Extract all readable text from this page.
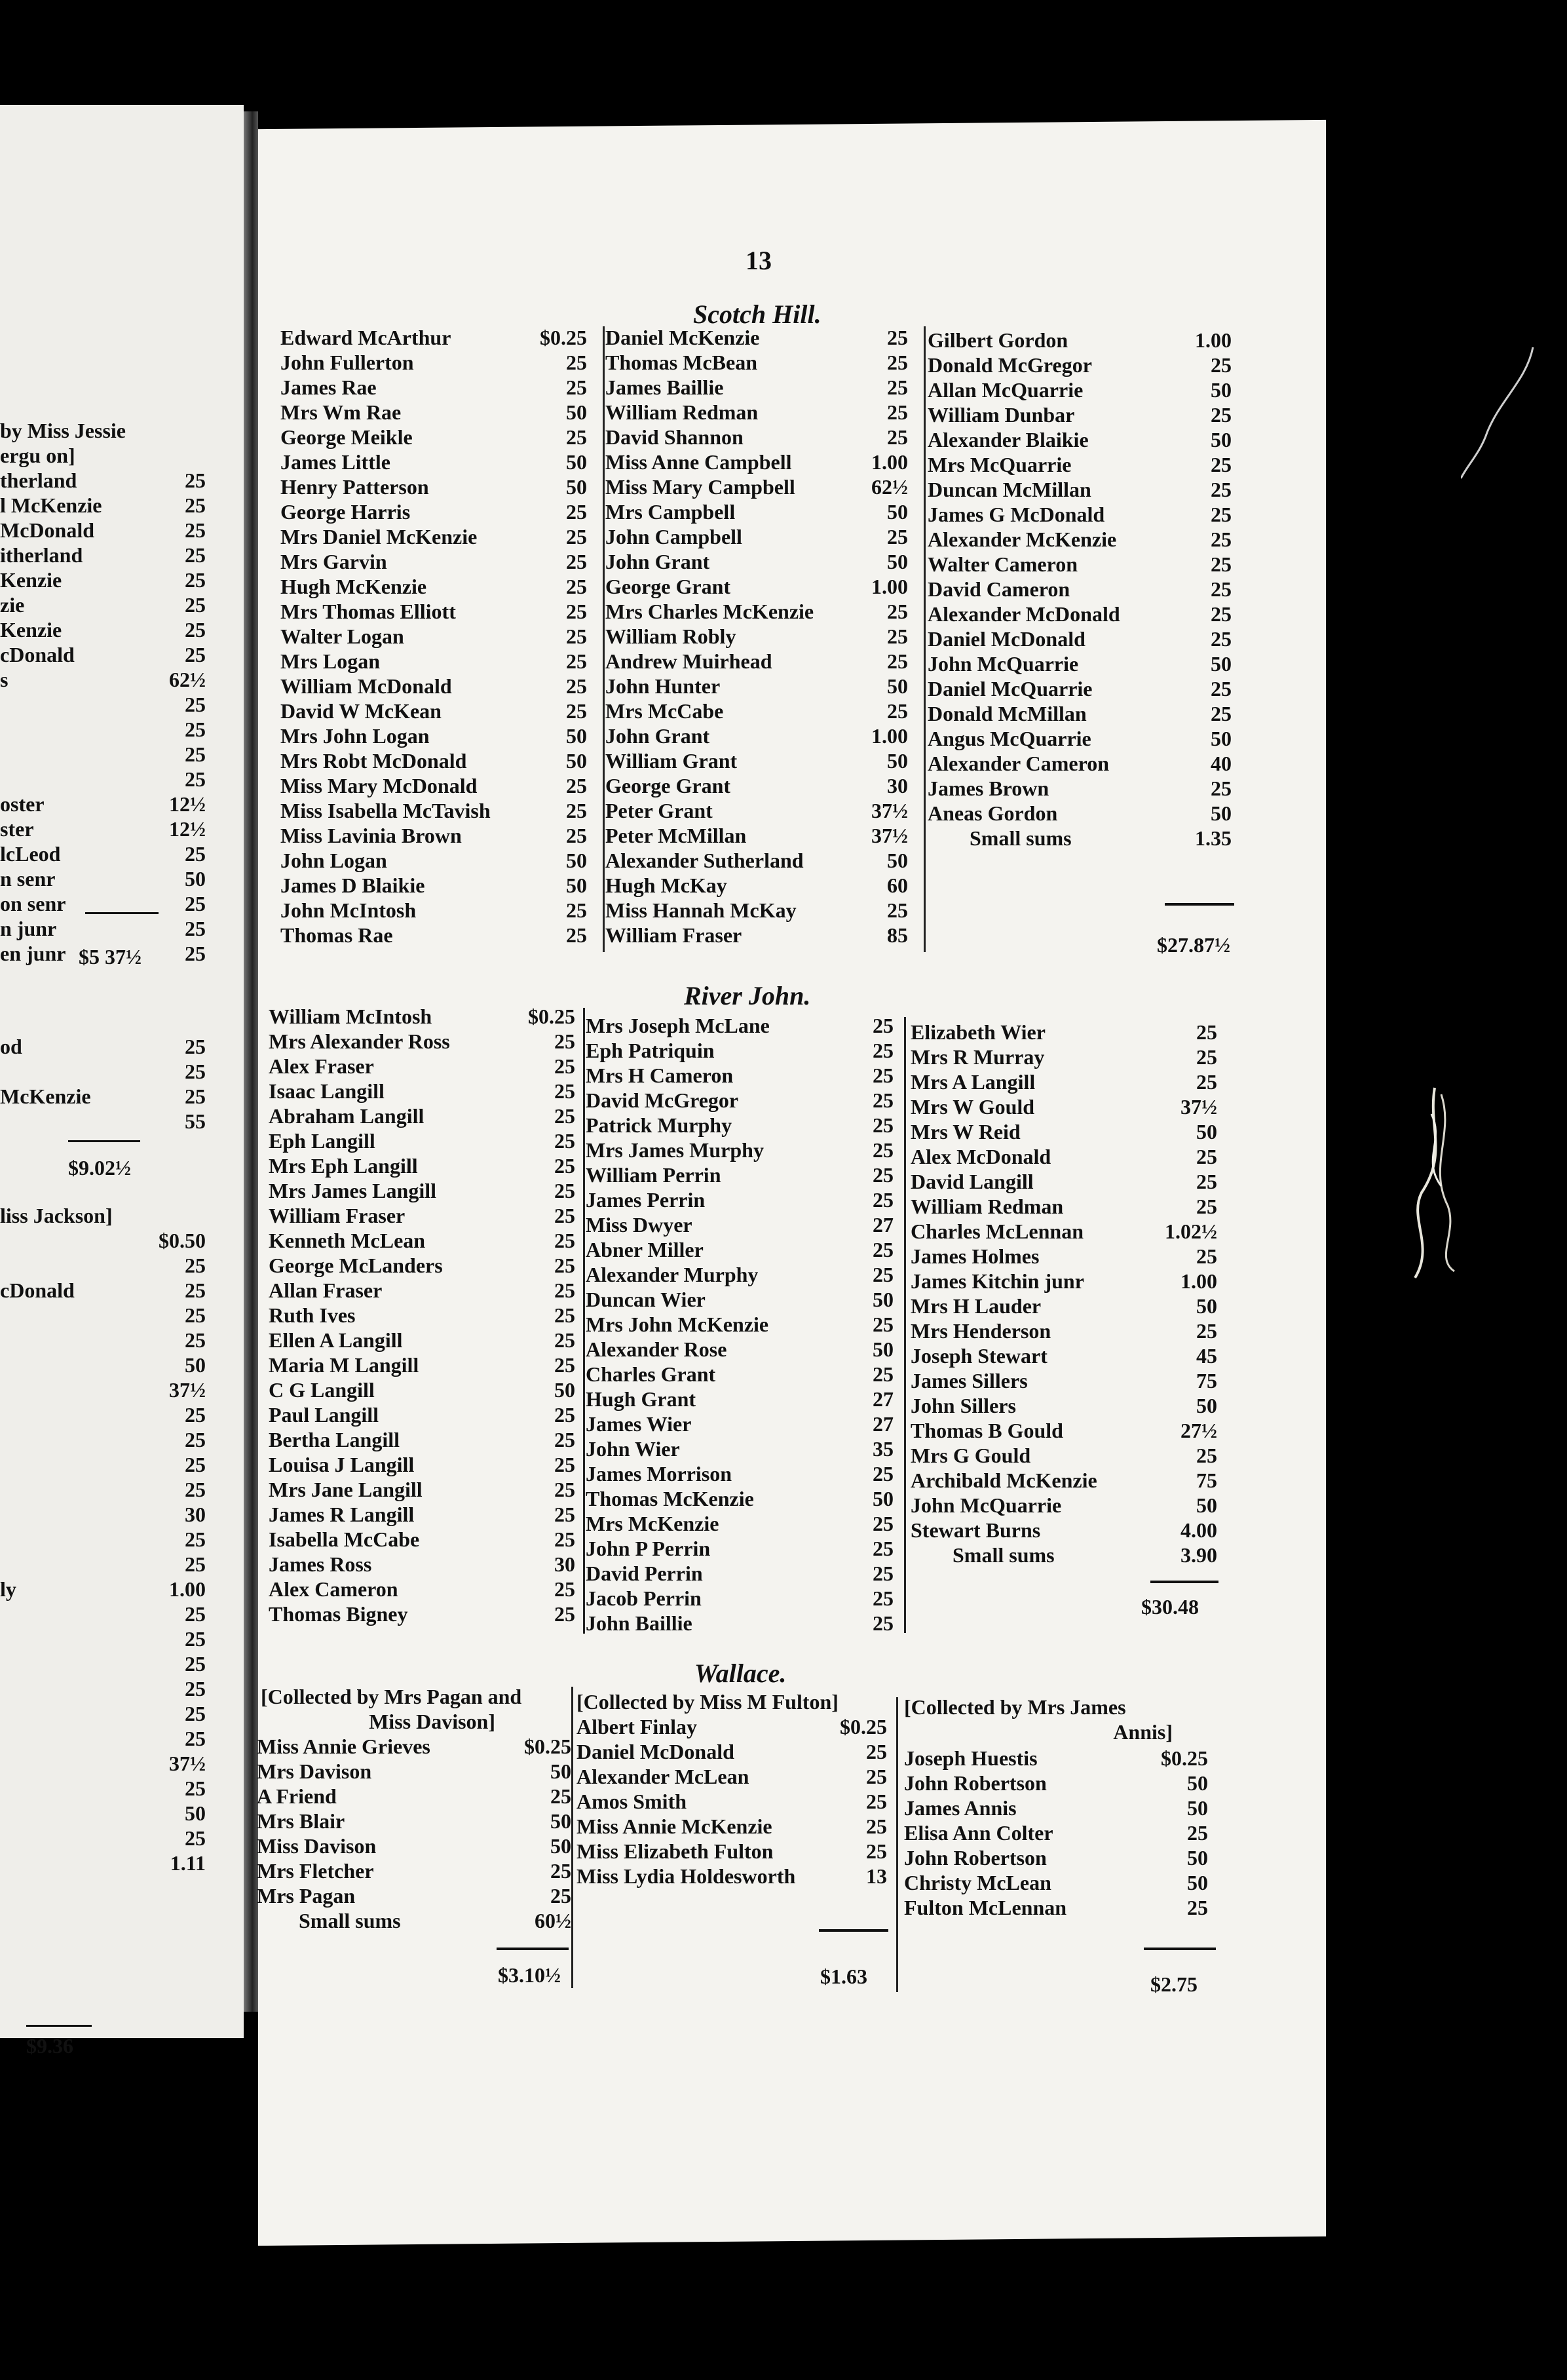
by Miss Jessie
ergu on]
therland	25
l McKenzie	25
McDonald	25
itherland	25
Kenzie	25
zie	25
Kenzie	25
cDonald	25
s	62½
25
25
25
25
oster	12½
ster	12½
lcLeod	25
n senr	50
on senr	25
n junr	25
en junr	25
$5 37½
od	25
25
McKenzie	25
55
$9.02½
liss Jackson]
$0.50
25
cDonald	25
25
25
50
37½
25
25
25
25
30
25
25
ly	1.00
25
25
25
25
25
25
37½
25
50
25
1.11
$9.36
13
Scotch Hill.
Edward McArthur	$0.25
John Fullerton	25
James Rae	25
Mrs Wm Rae	50
George Meikle	25
James Little	50
Henry Patterson	50
George Harris	25
Mrs Daniel McKenzie	25
Mrs Garvin	25
Hugh McKenzie	25
Mrs Thomas Elliott	25
Walter Logan	25
Mrs Logan	25
William McDonald	25
David W McKean	25
Mrs John Logan	50
Mrs Robt McDonald	50
Miss Mary McDonald	25
Miss Isabella McTavish	25
Miss Lavinia Brown	25
John Logan	50
James D Blaikie	50
John McIntosh	25
Thomas Rae	25
Daniel McKenzie	25
Thomas McBean	25
James Baillie	25
William Redman	25
David Shannon	25
Miss Anne Campbell	1.00
Miss Mary Campbell	62½
Mrs Campbell	50
John Campbell	25
John Grant	50
George Grant	1.00
Mrs Charles McKenzie	25
William Robly	25
Andrew Muirhead	25
John Hunter	50
Mrs McCabe	25
John Grant	1.00
William Grant	50
George Grant	30
Peter Grant	37½
Peter McMillan	37½
Alexander Sutherland	50
Hugh McKay	60
Miss Hannah McKay	25
William Fraser	85
Gilbert Gordon	1.00
Donald McGregor	25
Allan McQuarrie	50
William Dunbar	25
Alexander Blaikie	50
Mrs McQuarrie	25
Duncan McMillan	25
James G McDonald	25
Alexander McKenzie	25
Walter Cameron	25
David Cameron	25
Alexander McDonald	25
Daniel McDonald	25
John McQuarrie	50
Daniel McQuarrie	25
Donald McMillan	25
Angus McQuarrie	50
Alexander Cameron	40
James Brown	25
Aneas Gordon	50
Small sums	1.35
$27.87½
River John.
William McIntosh	$0.25
Mrs Alexander Ross	25
Alex Fraser	25
Isaac Langill	25
Abraham Langill	25
Eph Langill	25
Mrs Eph Langill	25
Mrs James Langill	25
William Fraser	25
Kenneth McLean	25
George McLanders	25
Allan Fraser	25
Ruth Ives	25
Ellen A Langill	25
Maria M Langill	25
C G Langill	50
Paul Langill	25
Bertha Langill	25
Louisa J Langill	25
Mrs Jane Langill	25
James R Langill	25
Isabella McCabe	25
James Ross	30
Alex Cameron	25
Thomas Bigney	25
Mrs Joseph McLane	25
Eph Patriquin	25
Mrs H Cameron	25
David McGregor	25
Patrick Murphy	25
Mrs James Murphy	25
William Perrin	25
James Perrin	25
Miss Dwyer	27
Abner Miller	25
Alexander Murphy	25
Duncan Wier	50
Mrs John McKenzie	25
Alexander Rose	50
Charles Grant	25
Hugh Grant	27
James Wier	27
John Wier	35
James Morrison	25
Thomas McKenzie	50
Mrs McKenzie	25
John P Perrin	25
David Perrin	25
Jacob Perrin	25
John Baillie	25
Elizabeth Wier	25
Mrs R Murray	25
Mrs A Langill	25
Mrs W Gould	37½
Mrs W Reid	50
Alex McDonald	25
David Langill	25
William Redman	25
Charles McLennan	1.02½
James Holmes	25
James Kitchin junr	1.00
Mrs H Lauder	50
Mrs Henderson	25
Joseph Stewart	45
James Sillers	75
John Sillers	50
Thomas B Gould	27½
Mrs G Gould	25
Archibald McKenzie	75
John McQuarrie	50
Stewart Burns	4.00
Small sums	3.90
$30.48
Wallace.
[Collected by Mrs Pagan and
Miss Davison]
Miss Annie Grieves	$0.25
Mrs Davison	50
A Friend	25
Mrs Blair	50
Miss Davison	50
Mrs Fletcher	25
Mrs Pagan	25
Small sums	60½
$3.10½
[Collected by Miss M Fulton]
Albert Finlay	$0.25
Daniel McDonald	25
Alexander McLean	25
Amos Smith	25
Miss Annie McKenzie	25
Miss Elizabeth Fulton	25
Miss Lydia Holdesworth	13
$1.63
[Collected by Mrs James
Annis]
Joseph Huestis	$0.25
John Robertson	50
James Annis	50
Elisa Ann Colter	25
John Robertson	50
Christy McLean	50
Fulton McLennan	25
$2.75
